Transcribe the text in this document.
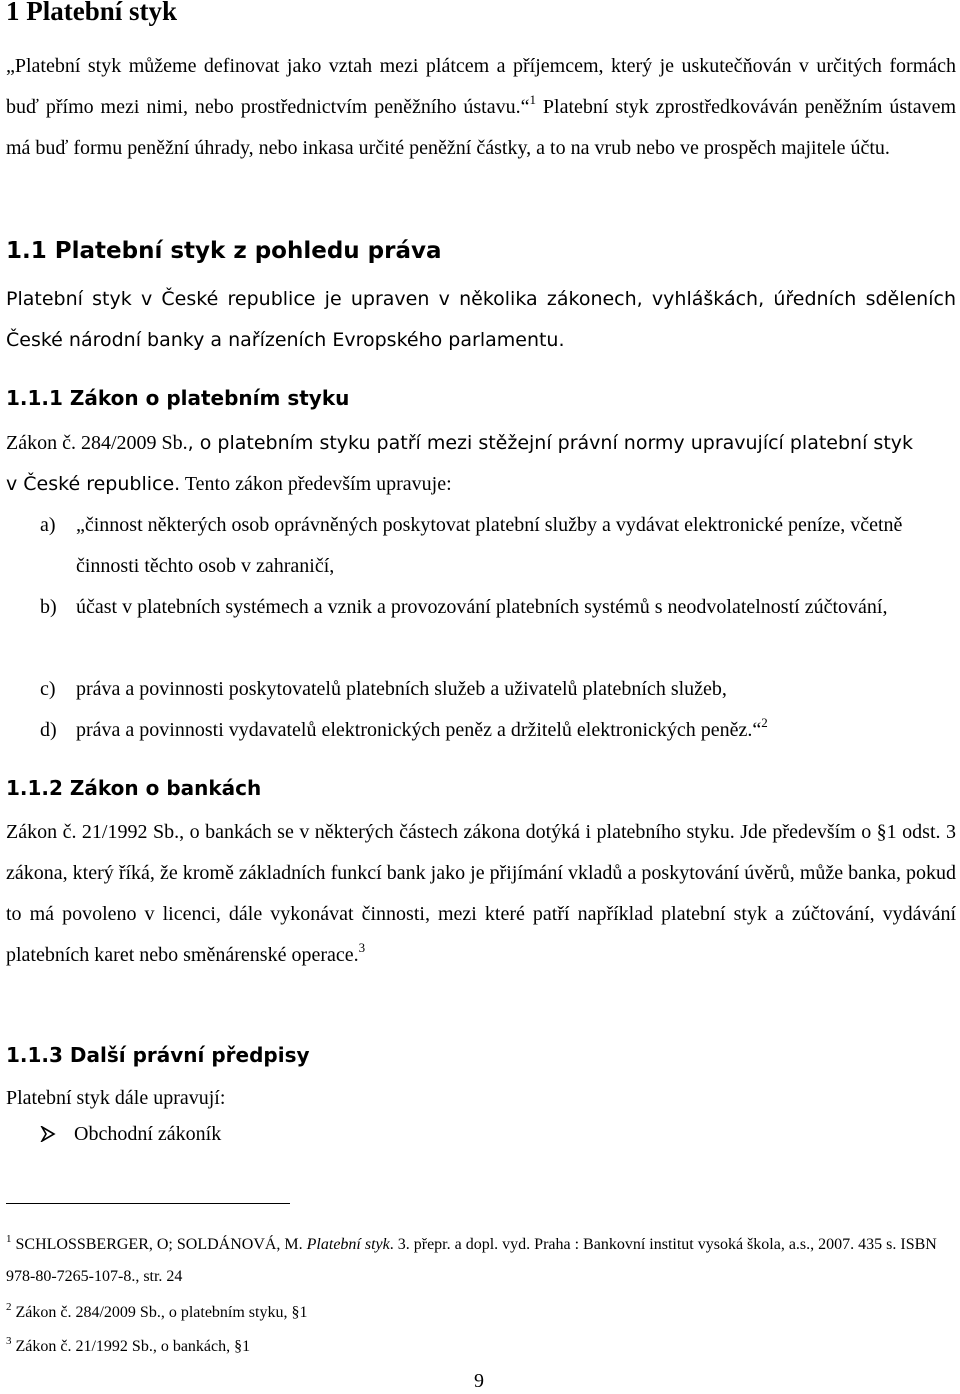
1 Platební styk

„Platební styk můžeme definovat jako vztah mezi plátcem a příjemcem, který je uskutečňován v určitých formách buď přímo mezi nimi, nebo prostřednictvím peněžního ústavu.“$^1$ Platební styk zprostředkováván peněžním ústavem má buď formu peněžní úhrady, nebo inkasa určité peněžní částky, a to na vrub nebo ve prospěch majitele účtu.

1.1 Platební styk z pohledu práva

Platební styk v České republice je upraven v několika zákonech, vyhláškách, úředních sděleních České národní banky a nařízeních Evropského parlamentu.

1.1.1 Zákon o platebním styku

Zákon č. 284/2009 Sb., o platebním styku patří mezi stěžejní právní normy upravující platební styk

v České republice. Tento zákon především upravuje:

a)	„činnost některých osob oprávněných poskytovat platební služby a vydávat elektronické peníze, včetně činnosti těchto osob v zahraničí,
b) účast v platebních systémech a vznik a provozování platebních systémů s neodvolatelností zúčtování,
c)	práva a povinnosti poskytovatelů platebních služeb a uživatelů platebních služeb,
d) práva a povinnosti vydavatelů elektronických peněz a držitelů elektronických peněz.“$^2$
1.1.2 Zákon o bankách

Zákon č. 21/1992 Sb., o bankách se v některých částech zákona dotýká i platebního styku. Jde především o §1 odst. 3 zákona, který říká, že kromě základních funkcí bank jako je přijímání vkladů a poskytování úvěrů, může banka, pokud to má povoleno v licenci, dále vykonávat činnosti, mezi které patří například platební styk a zúčtování, vydávání platebních karet nebo směnárenské operace.$^3$

1.1.3 Další právní předpisy

Platební styk dále upravují:

Obchodní zákoník

$^1$ SCHLOSSBERGER, O; SOLDÁNOVÁ, M. Platební styk. 3. přepr. a dopl. vyd. Praha : Bankovní institut vysoká škola, a.s., 2007. 435 s. ISBN 978-80-7265-107-8., str. 24

$^2$ Zákon č. 284/2009 Sb., o platebním styku, §1

$^3$ Zákon č. 21/1992 Sb., o bankách, §1

9
